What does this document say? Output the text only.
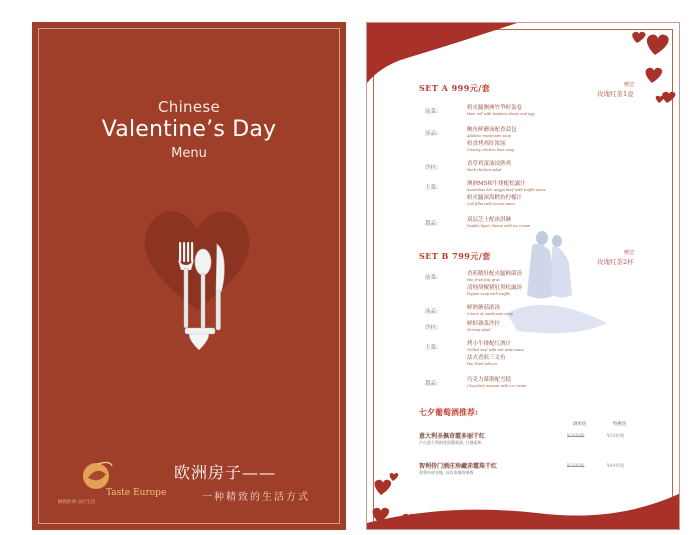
Chinese
Valentine’s Day
Menu
触摸欧洲 品位生活
Taste Europe
欧洲房子——
一种精致的生活方式
SET A 999元/套	赠送
玫瑰红茶1壶
前菜:
奶火腿澳洲竹笋虾蛋卷
Ham roll with bamboo shoots and egg
汤品:
鲍鱼鲜蘑汤配香蒜包
Abalone mushroom soup
奶香烤鸡肝浓汤
Creamy chicken liver soup
沙拉:
香草鸡蛋油浸熟鸡
Herb chicken salad
主菜:
澳洲M5和牛排配松露汁
Australian M5 wagyu beef with truffle sauce
奶火腿深海鳕鱼柠檬汁
Cod fillet with lemon sauce
甜品:
双层芝士配冰淇淋
Double layer cheese with ice cream
SET B 799元/套	赠送
玫瑰红茶2杯
前菜:
香煎鹅肝配火腿鲜菌汤
Pan fried foie gras
清炖胡椒猪肚黑松露汤
Pepper soup with truffle
汤品:
鲜奶蘑菇浓汤
Cream of mushroom soup
沙拉:
鲜虾蔬菜沙拉
Shrimp salad
主菜:
烤小牛排配红酒汁
Grilled veal with red wine sauce
法式香煎三文鱼
Pan fried salmon
甜品:
巧克力慕斯配雪糕
Chocolate mousse with ice cream
七夕葡萄酒推荐:
酒单价	特惠价
意大利圣佩奇霞多丽干红
产自意大利的优质葡萄酒, 口感柔和
¥388/瓶	¥298/瓶
智利侍门酒庄珍藏赤霞珠干红
智利中部谷地, 具有浓郁的果香
¥588/瓶	¥499/瓶
